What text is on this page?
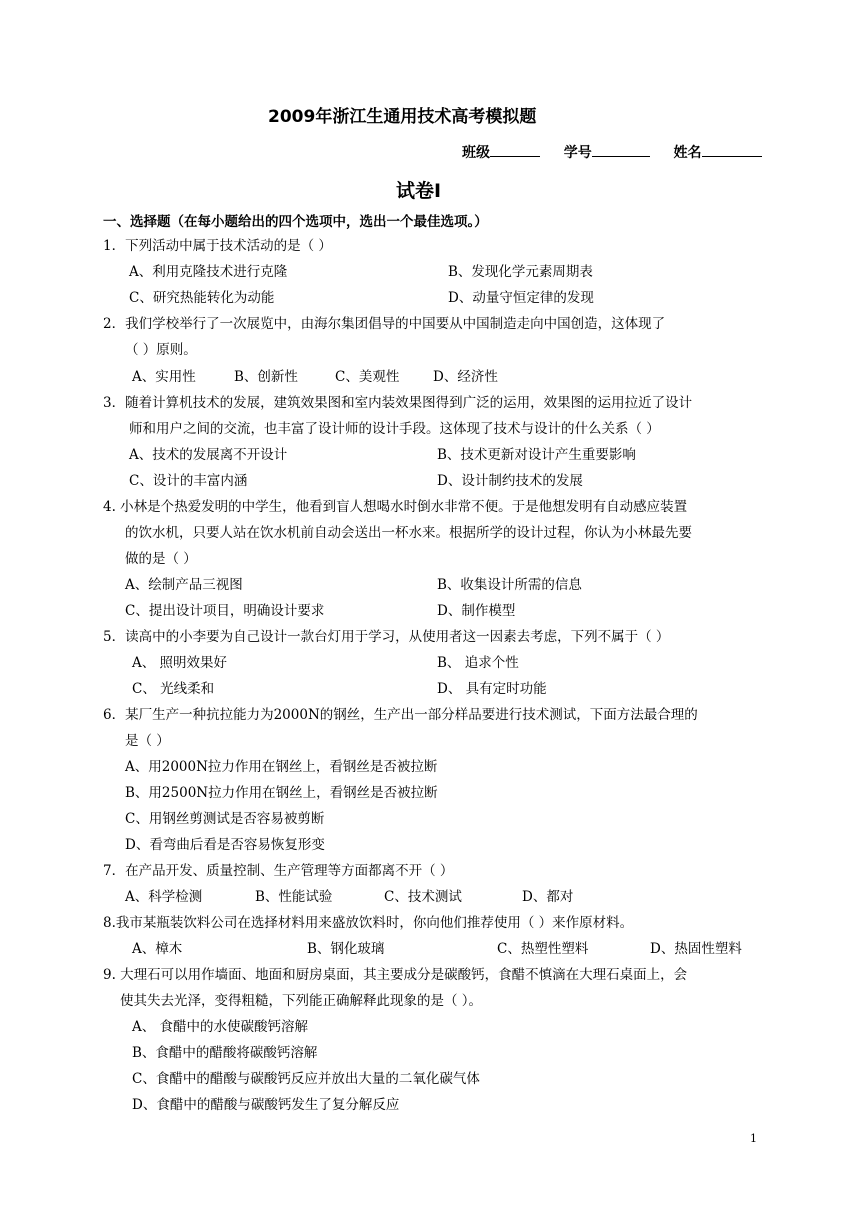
2009年浙江生通用技术高考模拟题
班级	学号	姓名
试卷Ⅰ
一、选择题（在每小题给出的四个选项中，选出一个最佳选项。）
1．下列活动中属于技术活动的是（ ）
A、利用克隆技术进行克隆	B、发现化学元素周期表
C、研究热能转化为动能	D、动量守恒定律的发现
2．我们学校举行了一次展览中，由海尔集团倡导的中国要从中国制造走向中国创造，这体现了
（ ）原则。
A、实用性	B、创新性	C、美观性 D、经济性
3．随着计算机技术的发展，建筑效果图和室内装效果图得到广泛的运用，效果图的运用拉近了设计
师和用户之间的交流，也丰富了设计师的设计手段。这体现了技术与设计的什么关系（ ）
A、技术的发展离不开设计	B、技术更新对设计产生重要影响
C、设计的丰富内涵	D、设计制约技术的发展
4. 小林是个热爱发明的中学生，他看到盲人想喝水时倒水非常不便。于是他想发明有自动感应装置
的饮水机，只要人站在饮水机前自动会送出一杯水来。根据所学的设计过程，你认为小林最先要
做的是（ ）
A、绘制产品三视图	B、收集设计所需的信息
C、提出设计项目，明确设计要求	D、制作模型
5．读高中的小李要为自己设计一款台灯用于学习，从使用者这一因素去考虑，下列不属于（ ）
A、 照明效果好	B、 追求个性
C、 光线柔和	D、 具有定时功能
6．某厂生产一种抗拉能力为2000N的钢丝，生产出一部分样品要进行技术测试，下面方法最合理的
是（ ）
A、用2000N拉力作用在钢丝上，看钢丝是否被拉断
B、用2500N拉力作用在钢丝上，看钢丝是否被拉断
C、用钢丝剪测试是否容易被剪断
D、看弯曲后看是否容易恢复形变
7．在产品开发、质量控制、生产管理等方面都离不开（ ）
A、科学检测	B、性能试验	C、技术测试	D、都对
8.我市某瓶装饮料公司在选择材料用来盛放饮料时，你向他们推荐使用（ ）来作原材料。
A、樟木	B、钢化玻璃	C、热塑性塑料	D、热固性塑料
9. 大理石可以用作墙面、地面和厨房桌面，其主要成分是碳酸钙，食醋不慎滴在大理石桌面上，会
使其失去光泽，变得粗糙，下列能正确解释此现象的是（ ）。
A、 食醋中的水使碳酸钙溶解
B、食醋中的醋酸将碳酸钙溶解
C、食醋中的醋酸与碳酸钙反应并放出大量的二氧化碳气体
D、食醋中的醋酸与碳酸钙发生了复分解反应
1
